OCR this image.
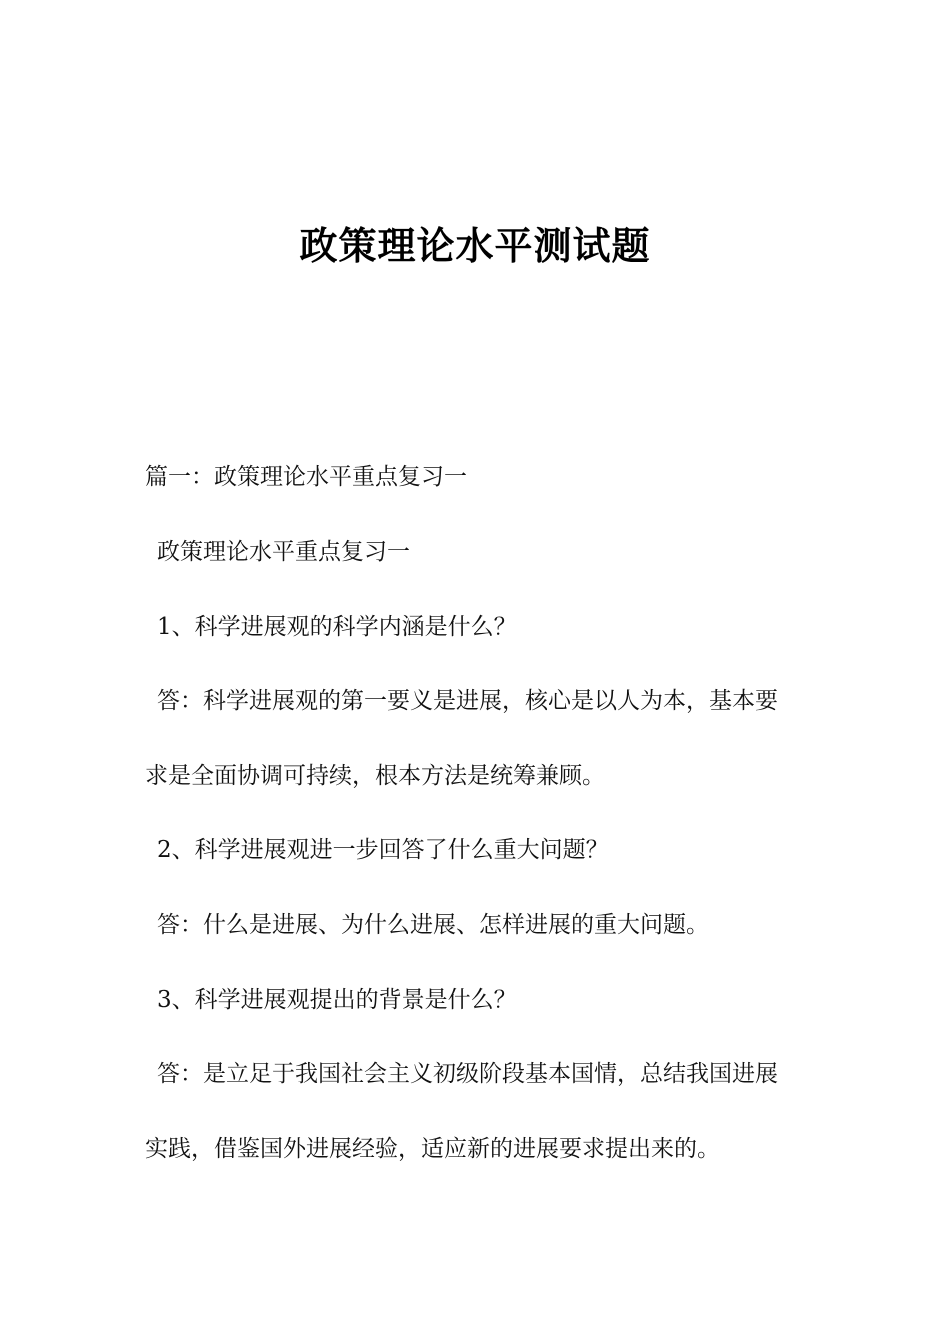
政策理论水平测试题
篇一：政策理论水平重点复习一
政策理论水平重点复习一
1、科学进展观的科学内涵是什么？
答：科学进展观的第一要义是进展，核心是以人为本，基本要
求是全面协调可持续，根本方法是统筹兼顾。
2、科学进展观进一步回答了什么重大问题？
答：什么是进展、为什么进展、怎样进展的重大问题。
3、科学进展观提出的背景是什么？
答：是立足于我国社会主义初级阶段基本国情，总结我国进展
实践，借鉴国外进展经验，适应新的进展要求提出来的。
